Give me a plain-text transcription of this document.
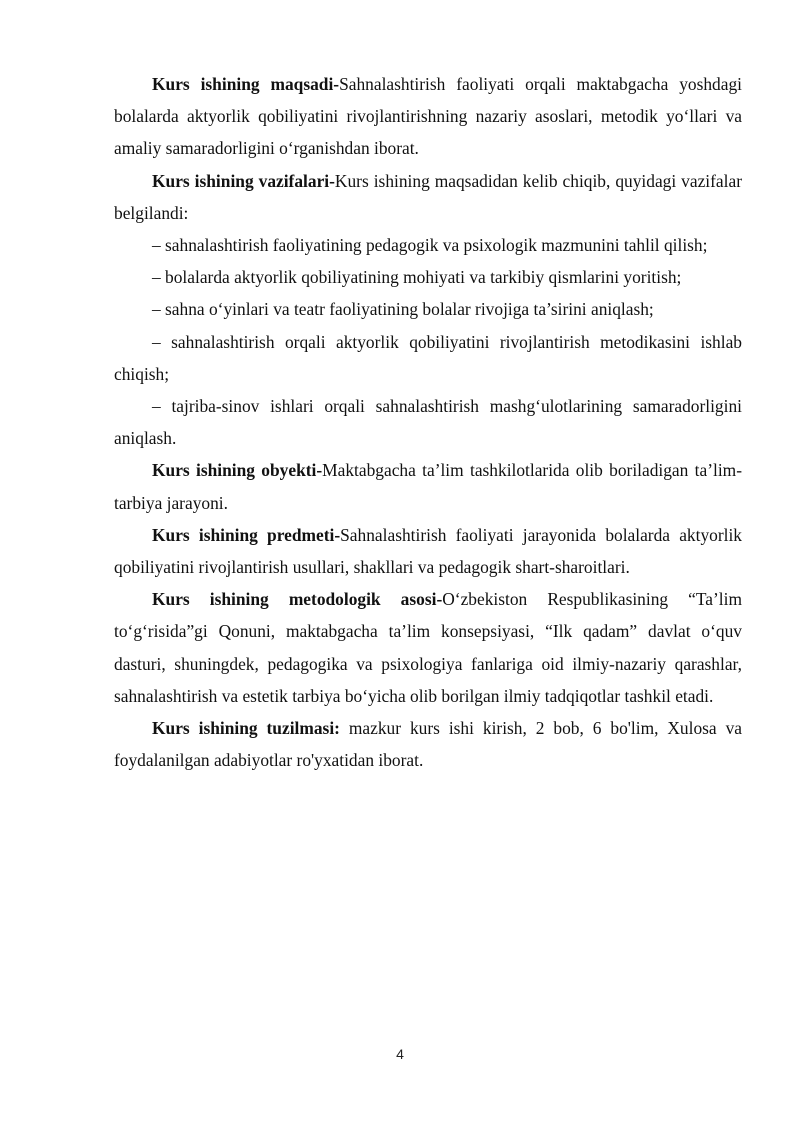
Kurs ishining maqsadi-Sahnalashtirish faoliyati orqali maktabgacha yoshdagi bolalarda aktyorlik qobiliyatini rivojlantirishning nazariy asoslari, metodik yo‘llari va amaliy samaradorligini o‘rganishdan iborat.

Kurs ishining vazifalari-Kurs ishining maqsadidan kelib chiqib, quyidagi vazifalar belgilandi:

– sahnalashtirish faoliyatining pedagogik va psixologik mazmunini tahlil qilish;

– bolalarda aktyorlik qobiliyatining mohiyati va tarkibiy qismlarini yoritish;

– sahna o‘yinlari va teatr faoliyatining bolalar rivojiga ta’sirini aniqlash;

– sahnalashtirish orqali aktyorlik qobiliyatini rivojlantirish metodikasini ishlab chiqish;

– tajriba-sinov ishlari orqali sahnalashtirish mashg‘ulotlarining samaradorligini aniqlash.

Kurs ishining obyekti-Maktabgacha ta’lim tashkilotlarida olib boriladigan ta’lim-tarbiya jarayoni.

Kurs ishining predmeti-Sahnalashtirish faoliyati jarayonida bolalarda aktyorlik qobiliyatini rivojlantirish usullari, shakllari va pedagogik shart-sharoitlari.

Kurs ishining metodologik asosi-O‘zbekiston Respublikasining “Ta’lim to‘g‘risida”gi Qonuni, maktabgacha ta’lim konsepsiyasi, “Ilk qadam” davlat o‘quv dasturi, shuningdek, pedagogika va psixologiya fanlariga oid ilmiy-nazariy qarashlar, sahnalashtirish va estetik tarbiya bo‘yicha olib borilgan ilmiy tadqiqotlar tashkil etadi.

Kurs ishining tuzilmasi: mazkur kurs ishi kirish, 2 bob, 6 bo'lim, Xulosa va foydalanilgan adabiyotlar ro'yxatidan iborat.

4
